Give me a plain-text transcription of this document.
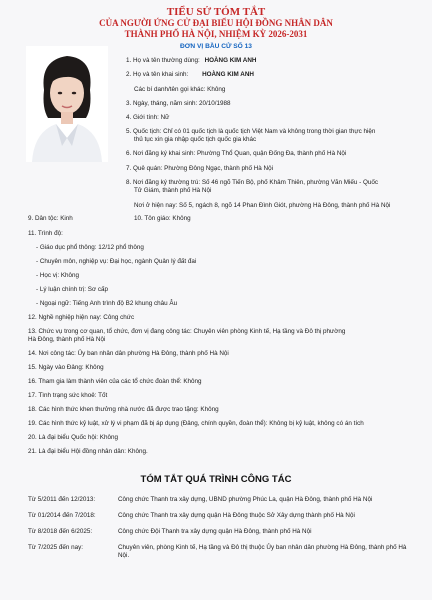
TIỂU SỬ TÓM TẮT
CỦA NGƯỜI ỨNG CỬ ĐẠI BIỂU HỘI ĐỒNG NHÂN DÂN
THÀNH PHỐ HÀ NỘI, NHIỆM KỲ 2026-2031
ĐƠN VỊ BẦU CỬ SỐ 13
1. Họ và tên thường dùng: HOÀNG KIM ANH
2. Họ và tên khai sinh: HOÀNG KIM ANH
Các bí danh/tên gọi khác: Không
3. Ngày, tháng, năm sinh: 20/10/1988
4. Giới tính: Nữ
5. Quốc tịch: Chỉ có 01 quốc tịch là quốc tịch Việt Nam và không trong thời gian thực hiện
thủ tục xin gia nhập quốc tịch quốc gia khác
6. Nơi đăng ký khai sinh: Phường Thổ Quan, quận Đống Đa, thành phố Hà Nội
7. Quê quán: Phường Đông Ngạc, thành phố Hà Nội
8. Nơi đăng ký thường trú: Số 46 ngõ Tiến Bộ, phố Khâm Thiên, phường Văn Miếu - Quốc
Tử Giám, thành phố Hà Nội
Nơi ở hiện nay: Số 5, ngách 8, ngõ 14 Phan Đình Giót, phường Hà Đông, thành phố Hà Nội
9. Dân tộc: Kinh	10. Tôn giáo: Không
11. Trình độ:
- Giáo dục phổ thông: 12/12 phổ thông
- Chuyên môn, nghiệp vụ: Đại học, ngành Quản lý đất đai
- Học vị: Không
- Lý luận chính trị: Sơ cấp
- Ngoại ngữ: Tiếng Anh trình độ B2 khung châu Âu
12. Nghề nghiệp hiện nay: Công chức
13. Chức vụ trong cơ quan, tổ chức, đơn vị đang công tác: Chuyên viên phòng Kinh tế, Hạ tầng và Đô thị phường
Hà Đông, thành phố Hà Nội
14. Nơi công tác: Ủy ban nhân dân phường Hà Đông, thành phố Hà Nội
15. Ngày vào Đảng: Không
16. Tham gia làm thành viên của các tổ chức đoàn thể: Không
17. Tình trạng sức khoẻ: Tốt
18. Các hình thức khen thưởng nhà nước đã được trao tặng: Không
19. Các hình thức kỷ luật, xử lý vi phạm đã bị áp dụng (Đảng, chính quyền, đoàn thể): Không bị kỷ luật, không có án tích
20. Là đại biểu Quốc hội: Không
21. Là đại biểu Hội đồng nhân dân: Không.
TÓM TẮT QUÁ TRÌNH CÔNG TÁC
Từ 5/2011 đến 12/2013:	Công chức Thanh tra xây dựng, UBND phường Phúc La, quận Hà Đông, thành phố Hà Nội
Từ 01/2014 đến 7/2018:	Công chức Thanh tra xây dựng quận Hà Đông thuộc Sở Xây dựng thành phố Hà Nội
Từ 8/2018 đến 6/2025:	Công chức Đội Thanh tra xây dựng quận Hà Đông, thành phố Hà Nội
Từ 7/2025 đến nay:	Chuyên viên, phòng Kinh tế, Hạ tầng và Đô thị thuộc Ủy ban nhân dân phường Hà Đông, thành phố Hà Nội.
